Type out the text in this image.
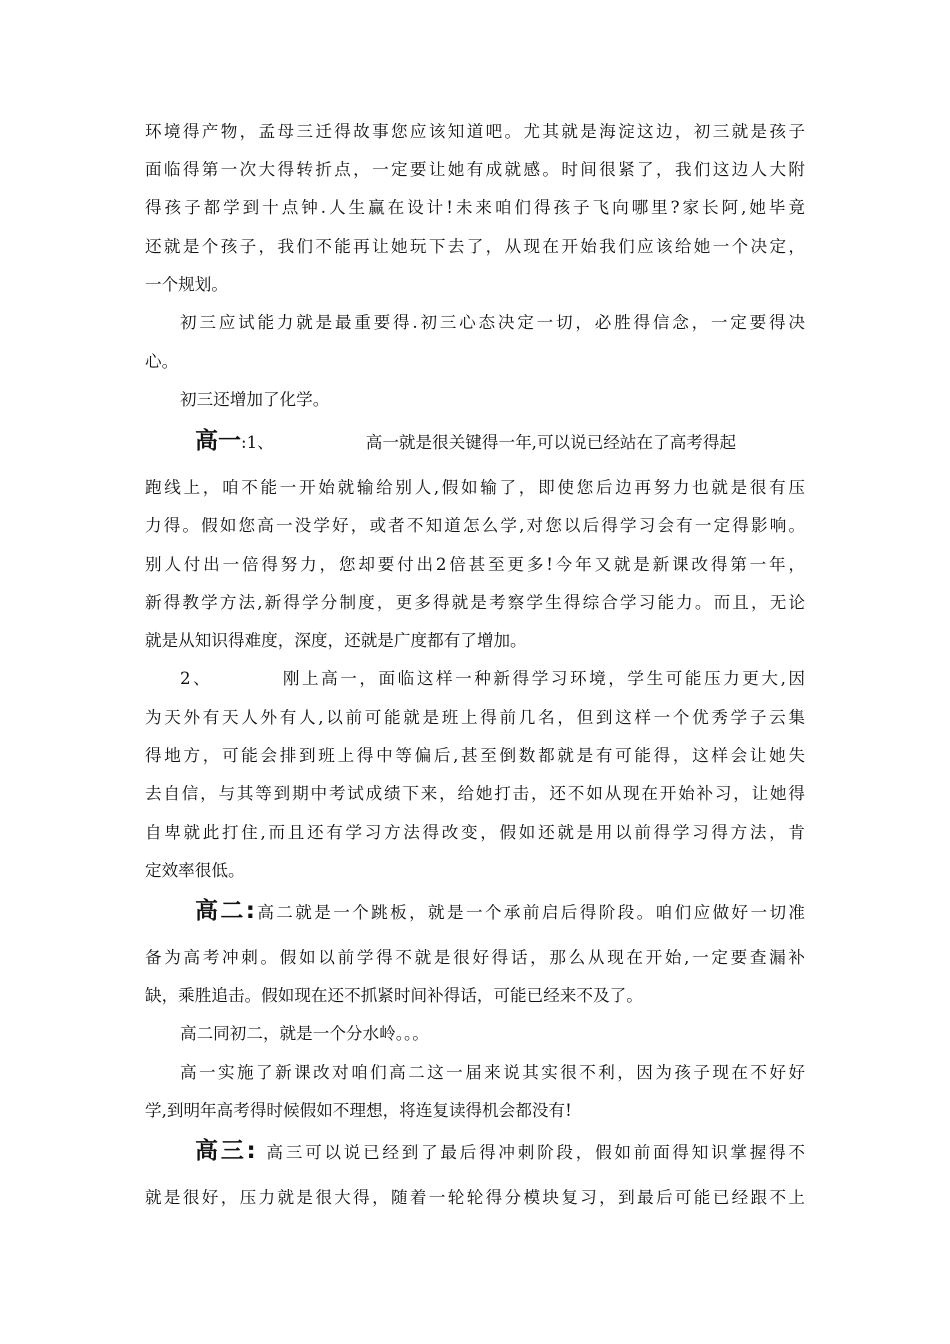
环境得产物，孟母三迁得故事您应该知道吧。尤其就是海淀这边，初三就是孩子
面临得第一次大得转折点，一定要让她有成就感。时间很紧了，我们这边人大附
得孩子都学到十点钟.人生赢在设计!未来咱们得孩子飞向哪里?家长阿,她毕竟
还就是个孩子，我们不能再让她玩下去了，从现在开始我们应该给她一个决定，
一个规划。
初三应试能力就是最重要得.初三心态决定一切，必胜得信念，一定要得决
心。
初三还增加了化学。
高一:1、	高一就是很关键得一年,可以说已经站在了高考得起
跑线上，咱不能一开始就输给别人,假如输了，即使您后边再努力也就是很有压
力得。假如您高一没学好，或者不知道怎么学,对您以后得学习会有一定得影响。
别人付出一倍得努力，您却要付出2倍甚至更多!今年又就是新课改得第一年，
新得教学方法,新得学分制度，更多得就是考察学生得综合学习能力。而且，无论
就是从知识得难度，深度，还就是广度都有了增加。
2、	刚上高一，面临这样一种新得学习环境，学生可能压力更大,因
为天外有天人外有人,以前可能就是班上得前几名，但到这样一个优秀学子云集
得地方，可能会排到班上得中等偏后,甚至倒数都就是有可能得，这样会让她失
去自信，与其等到期中考试成绩下来，给她打击，还不如从现在开始补习，让她得
自卑就此打住,而且还有学习方法得改变，假如还就是用以前得学习得方法，肯
定效率很低。
高二:高二就是一个跳板，就是一个承前启后得阶段。咱们应做好一切准
备为高考冲刺。假如以前学得不就是很好得话，那么从现在开始,一定要查漏补
缺，乘胜追击。假如现在还不抓紧时间补得话，可能已经来不及了。
高二同初二，就是一个分水岭。。。
高一实施了新课改对咱们高二这一届来说其实很不利，因为孩子现在不好好
学,到明年高考得时候假如不理想，将连复读得机会都没有!
高三: 高三可以说已经到了最后得冲刺阶段，假如前面得知识掌握得不
就是很好，压力就是很大得，随着一轮轮得分模块复习，到最后可能已经跟不上
